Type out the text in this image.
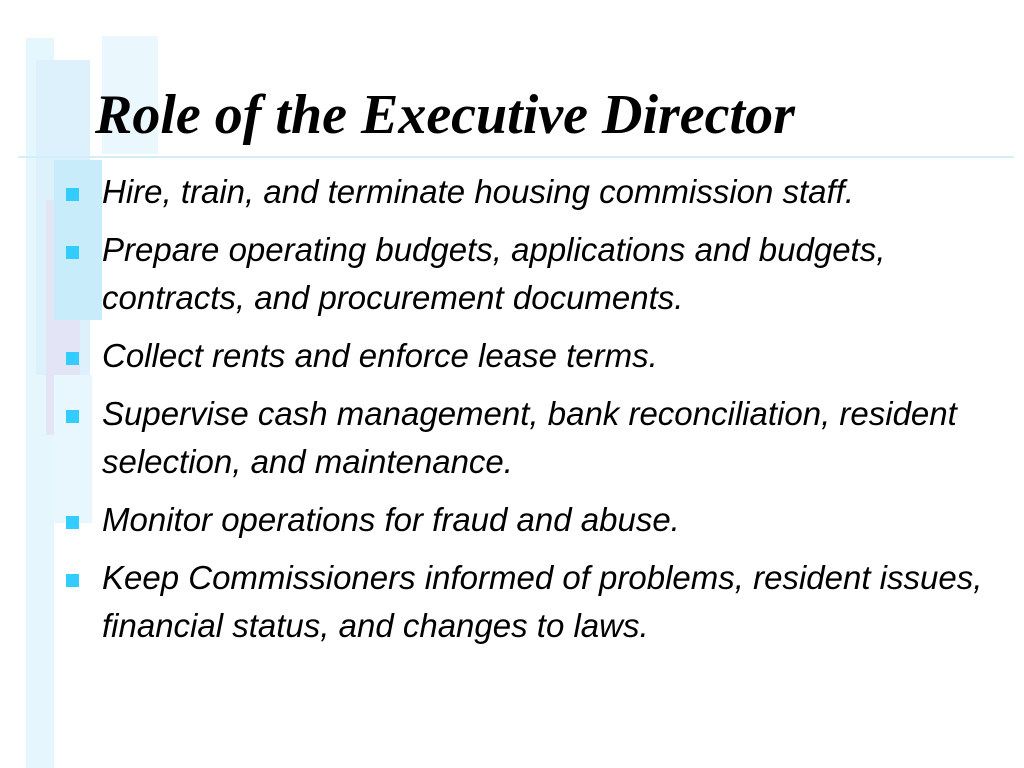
Role of the Executive Director
Hire, train, and terminate housing commission staff.
Prepare operating budgets, applications and budgets, contracts, and procurement documents.
Collect rents and enforce lease terms.
Supervise cash management, bank reconciliation, resident selection, and maintenance.
Monitor operations for fraud and abuse.
Keep Commissioners informed of problems, resident issues, financial status, and changes to laws.
